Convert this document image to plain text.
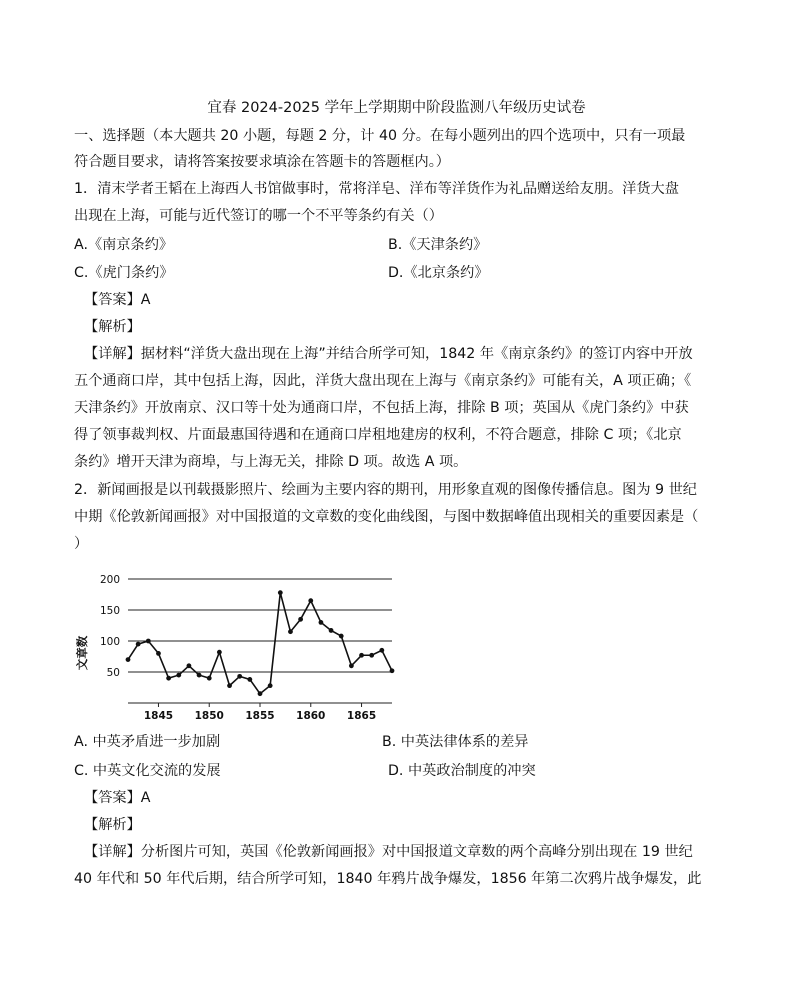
宜春 2024-2025 学年上学期期中阶段监测八年级历史试卷
一、选择题（本大题共 20 小题，每题 2 分，计 40 分。在每小题列出的四个选项中，只有一项最
符合题目要求，请将答案按要求填涂在答题卡的答题框内。）
1．清末学者王韬在上海西人书馆做事时，常将洋皂、洋布等洋货作为礼品赠送给友朋。洋货大盘
出现在上海，可能与近代签订的哪一个不平等条约有关（）
A.《南京条约》	B.《天津条约》
C.《虎门条约》	D.《北京条约》
【答案】A
【解析】
【详解】据材料“洋货大盘出现在上海”并结合所学可知，1842 年《南京条约》的签订内容中开放
五个通商口岸，其中包括上海，因此，洋货大盘出现在上海与《南京条约》可能有关，A 项正确；《
天津条约》开放南京、汉口等十处为通商口岸，不包括上海，排除 B 项；英国从《虎门条约》中获
得了领事裁判权、片面最惠国待遇和在通商口岸租地建房的权利，不符合题意，排除 C 项；《北京
条约》增开天津为商埠，与上海无关，排除 D 项。故选 A 项。
2．新闻画报是以刊载摄影照片、绘画为主要内容的期刊，用形象直观的图像传播信息。图为 9 世纪
中期《伦敦新闻画报》对中国报道的文章数的变化曲线图，与图中数据峰值出现相关的重要因素是（
）
50
100
150
200
1845 1850 1855 1860 1865
文章数
A. 中英矛盾进一步加剧	B. 中英法律体系的差异
C. 中英文化交流的发展	D. 中英政治制度的冲突
【答案】A
【解析】
【详解】分析图片可知，英国《伦敦新闻画报》对中国报道文章数的两个高峰分别出现在 19 世纪
40 年代和 50 年代后期，结合所学可知，1840 年鸦片战争爆发，1856 年第二次鸦片战争爆发，此
